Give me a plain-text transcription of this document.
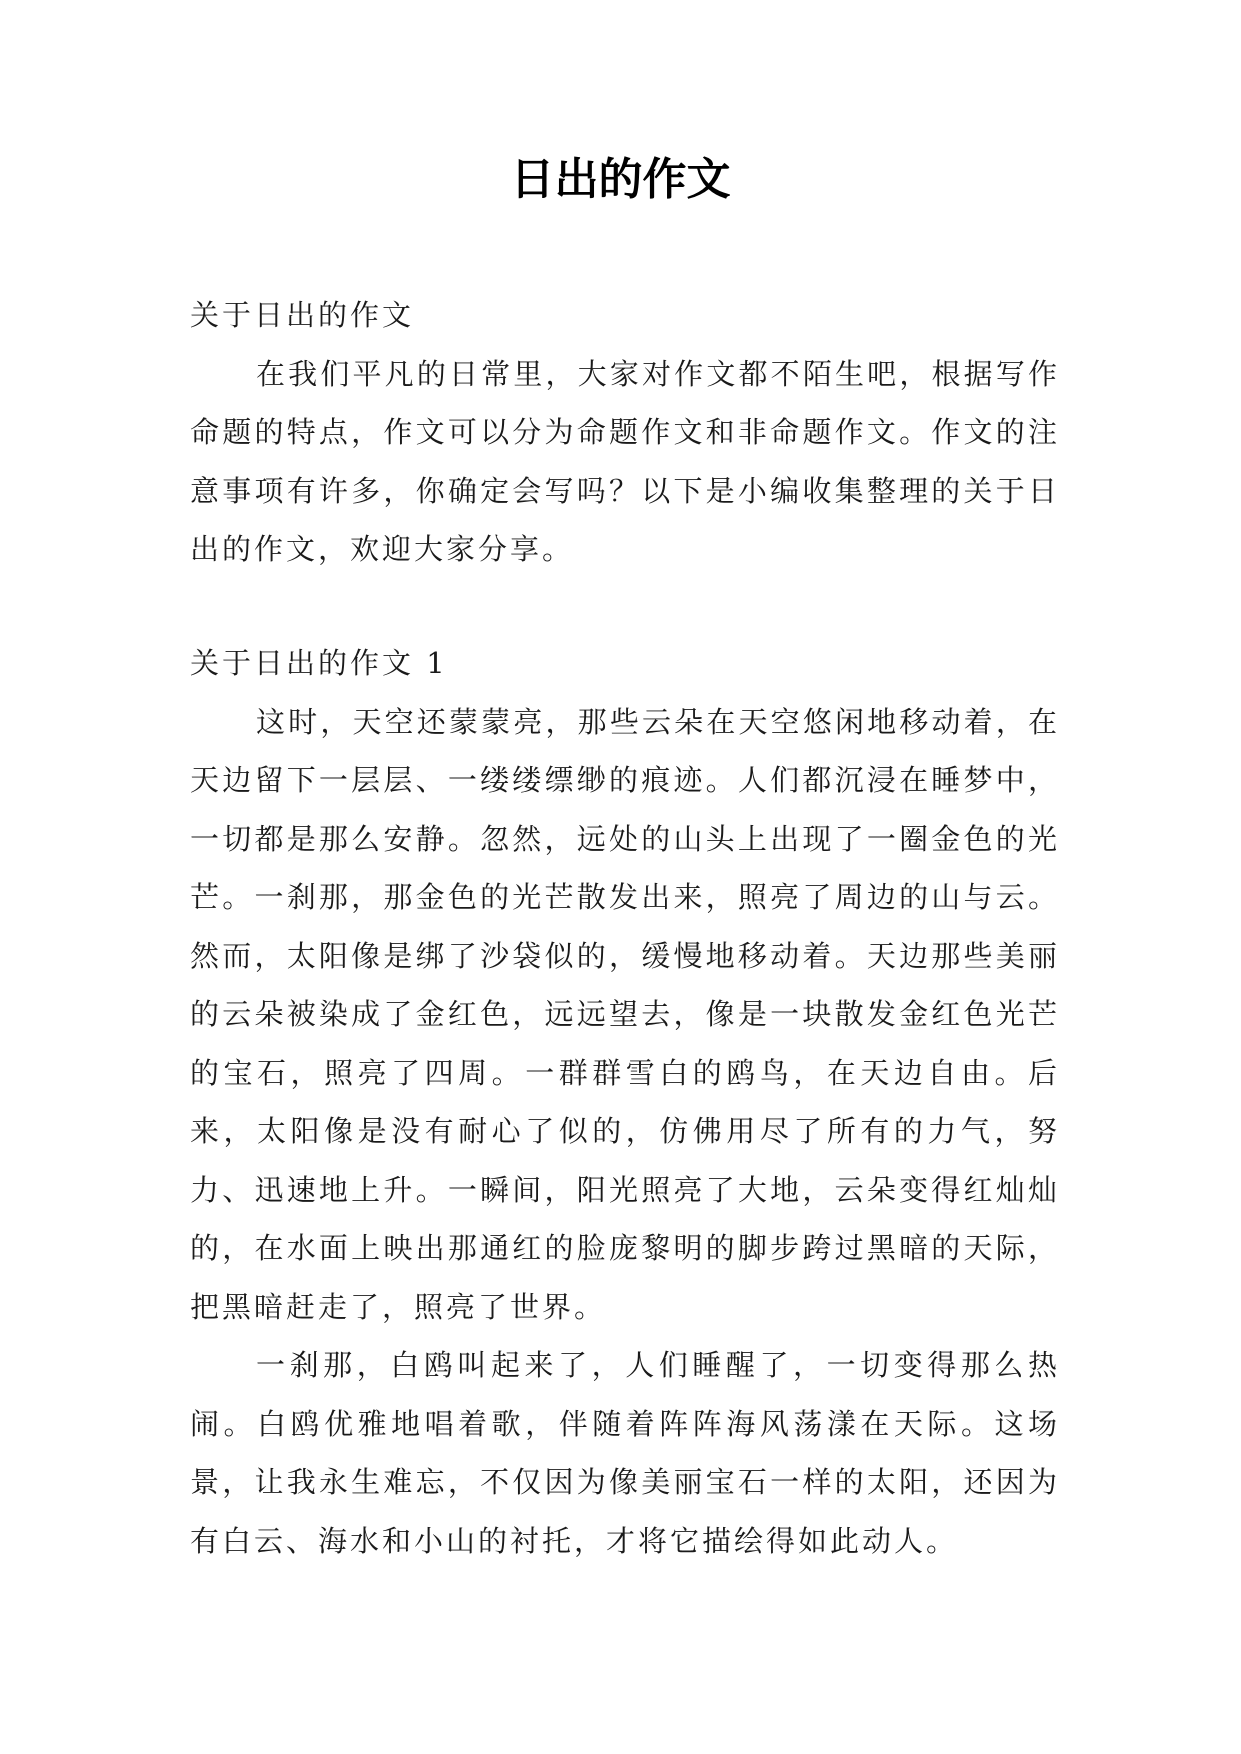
日出的作文

关于日出的作文

在我们平凡的日常里，大家对作文都不陌生吧，根据写作命题的特点，作文可以分为命题作文和非命题作文。作文的注意事项有许多，你确定会写吗？以下是小编收集整理的关于日出的作文，欢迎大家分享。

关于日出的作文 1

这时，天空还蒙蒙亮，那些云朵在天空悠闲地移动着，在天边留下一层层、一缕缕缥缈的痕迹。人们都沉浸在睡梦中，一切都是那么安静。忽然，远处的山头上出现了一圈金色的光芒。一刹那，那金色的光芒散发出来，照亮了周边的山与云。然而，太阳像是绑了沙袋似的，缓慢地移动着。天边那些美丽的云朵被染成了金红色，远远望去，像是一块散发金红色光芒的宝石，照亮了四周。一群群雪白的鸥鸟，在天边自由。后来，太阳像是没有耐心了似的，仿佛用尽了所有的力气，努力、迅速地上升。一瞬间，阳光照亮了大地，云朵变得红灿灿的，在水面上映出那通红的脸庞黎明的脚步跨过黑暗的天际，把黑暗赶走了，照亮了世界。

一刹那，白鸥叫起来了，人们睡醒了，一切变得那么热闹。白鸥优雅地唱着歌，伴随着阵阵海风荡漾在天际。这场景，让我永生难忘，不仅因为像美丽宝石一样的太阳，还因为有白云、海水和小山的衬托，才将它描绘得如此动人。
